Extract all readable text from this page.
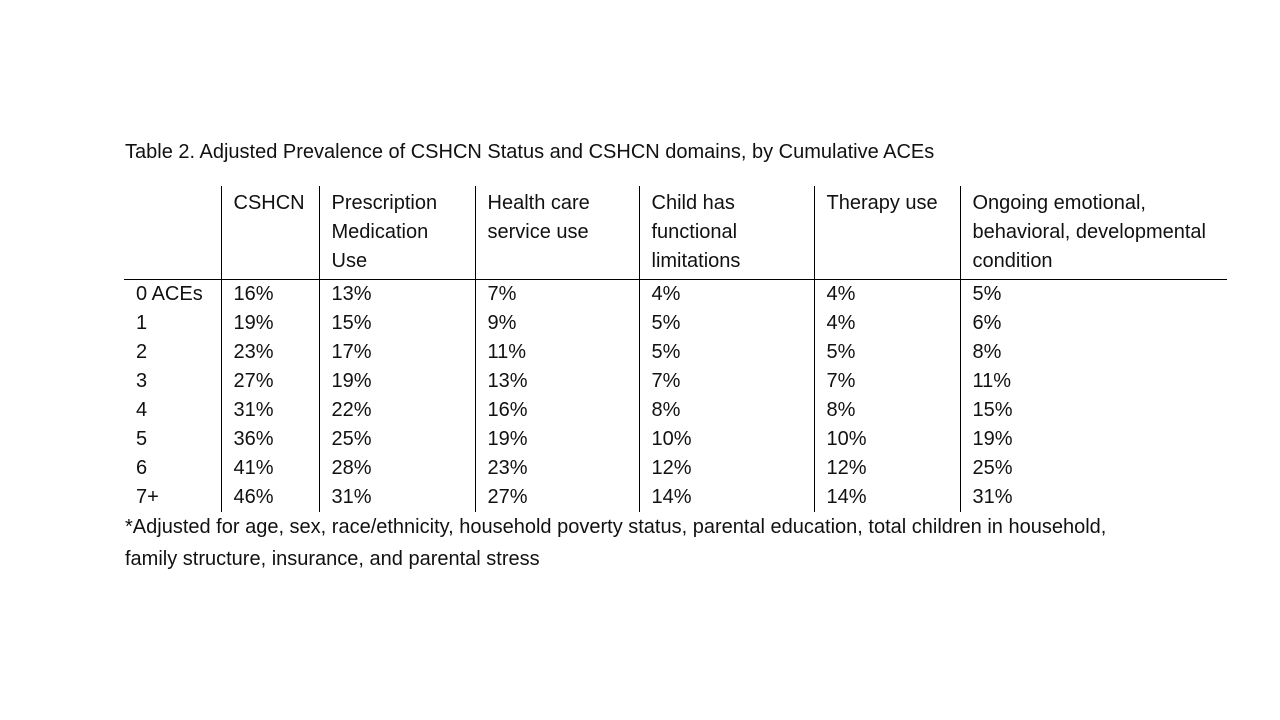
Table 2. Adjusted Prevalence of CSHCN Status and CSHCN domains, by Cumulative ACEs
	CSHCN	Prescription Medication Use	Health care service use	Child has functional limitations	Therapy use	Ongoing emotional, behavioral, developmental condition
0 ACEs	16%	13%	7%	4%	4%	5%
1	19%	15%	9%	5%	4%	6%
2	23%	17%	11%	5%	5%	8%
3	27%	19%	13%	7%	7%	11%
4	31%	22%	16%	8%	8%	15%
5	36%	25%	19%	10%	10%	19%
6	41%	28%	23%	12%	12%	25%
7+	46%	31%	27%	14%	14%	31%
*Adjusted for age, sex, race/ethnicity, household poverty status, parental education, total children in household, family structure, insurance, and parental stress
